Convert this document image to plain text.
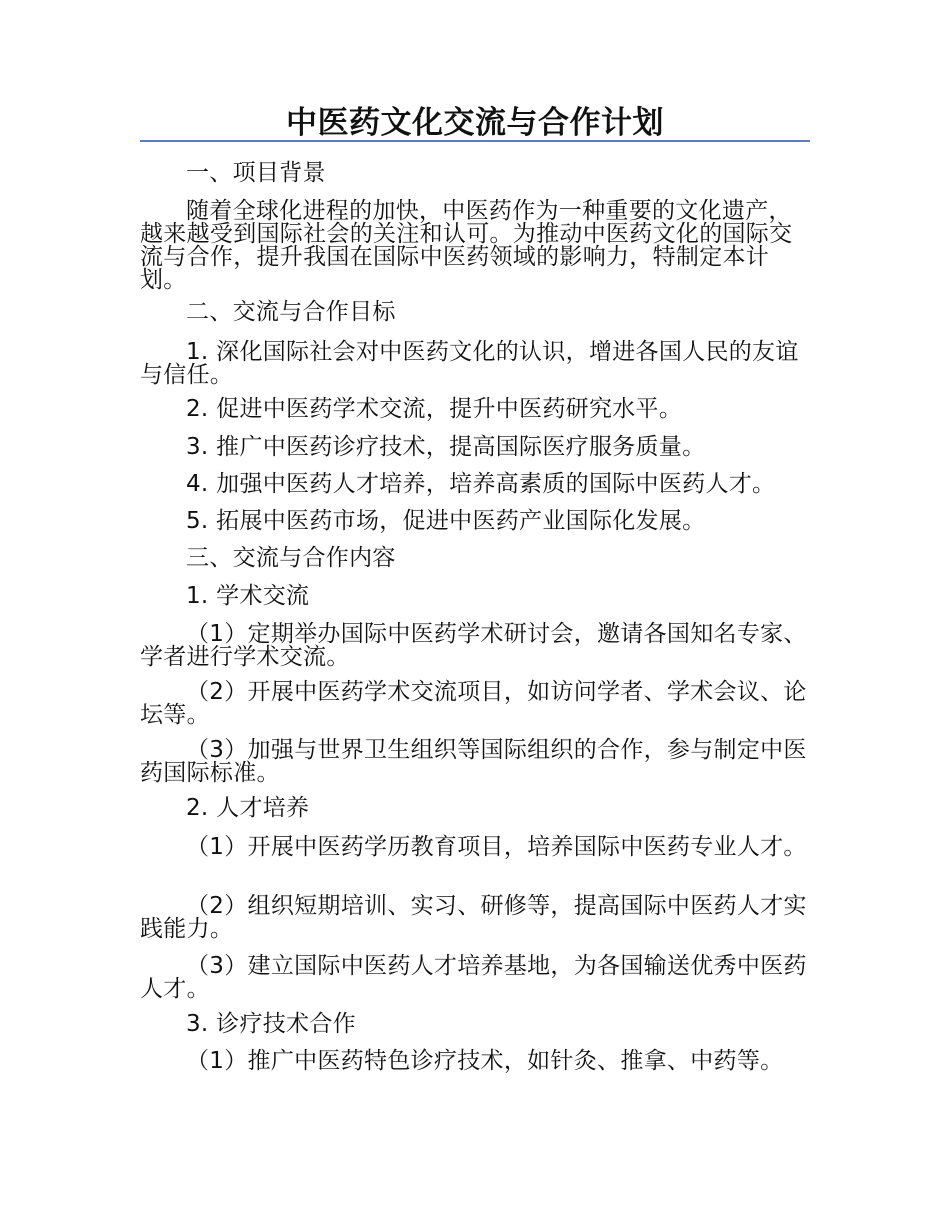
中医药文化交流与合作计划
一、项目背景
随着全球化进程的加快，中医药作为一种重要的文化遗产，越来越受到国际社会的关注和认可。为推动中医药文化的国际交流与合作，提升我国在国际中医药领域的影响力，特制定本计划。
二、交流与合作目标
1. 深化国际社会对中医药文化的认识，增进各国人民的友谊与信任。
2. 促进中医药学术交流，提升中医药研究水平。
3. 推广中医药诊疗技术，提高国际医疗服务质量。
4. 加强中医药人才培养，培养高素质的国际中医药人才。
5. 拓展中医药市场，促进中医药产业国际化发展。
三、交流与合作内容
1. 学术交流
（1）定期举办国际中医药学术研讨会，邀请各国知名专家、学者进行学术交流。
（2）开展中医药学术交流项目，如访问学者、学术会议、论坛等。
（3）加强与世界卫生组织等国际组织的合作，参与制定中医药国际标准。
2. 人才培养
（1）开展中医药学历教育项目，培养国际中医药专业人才。
（2）组织短期培训、实习、研修等，提高国际中医药人才实践能力。
（3）建立国际中医药人才培养基地，为各国输送优秀中医药人才。
3. 诊疗技术合作
（1）推广中医药特色诊疗技术，如针灸、推拿、中药等。
